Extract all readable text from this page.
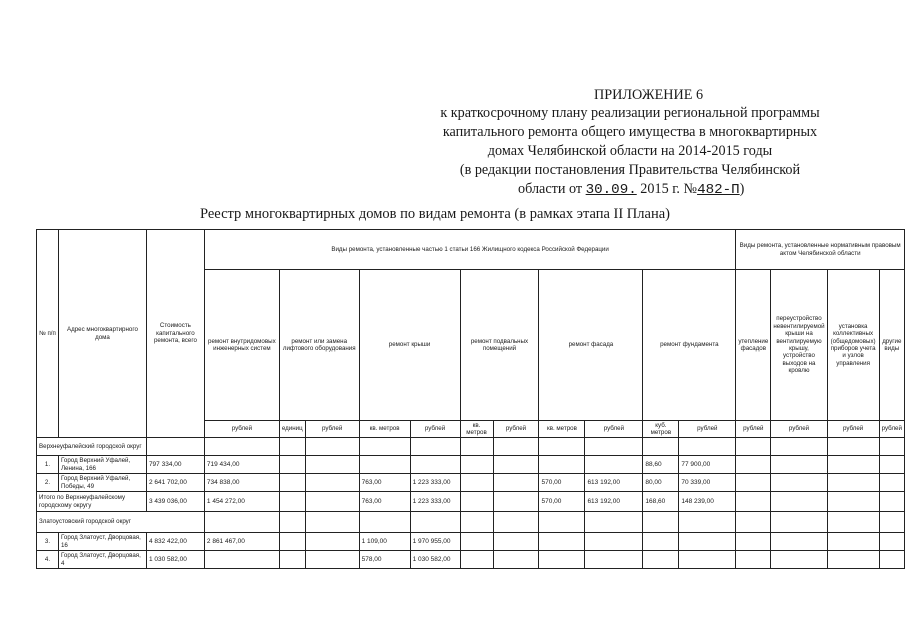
ПРИЛОЖЕНИЕ 6
к краткосрочному плану реализации региональной программы
капитального ремонта общего имущества в многоквартирных
домах Челябинской области на 2014-2015 годы
(в редакции постановления Правительства Челябинской
области от 30.09. 2015 г. №482-П)
Реестр многоквартирных домов по видам ремонта (в рамках этапа II Плана)
№ п/п	Адрес многоквартирного дома	Стоимость капитального ремонта, всего	Виды ремонта, установленные частью 1 статьи 166 Жилищного кодекса Российской Федерации											Виды ремонта, установленные нормативным правовым актом Челябинской области			
			ремонт внутридомовых инженерных систем	ремонт или замена лифтового оборудования		ремонт крыши		ремонт подвальных помещений		ремонт фасада		ремонт фундамента		утепление фасадов	переустройство невентилируемой крыши на вентилируемую крышу, устройство выходов на кровлю	установка коллективных (общедомовых) приборов учета и узлов управления	другие виды
			рублей	единиц	рублей	кв. метров	рублей	кв. метров	рублей	кв. метров	рублей	куб. метров	рублей	рублей	рублей	рублей	рублей
Верхнеуфалейский городской округ																	
1.	Город Верхний Уфалей, Ленина, 166	797 334,00	719 434,00									88,60	77 900,00				
2.	Город Верхний Уфалей, Победы, 49	2 641 702,00	734 838,00			763,00	1 223 333,00			570,00	613 192,00	80,00	70 339,00				
Итого по Верхнеуфалейскому городскому округу		3 439 036,00	1 454 272,00			763,00	1 223 333,00			570,00	613 192,00	168,60	148 239,00				
Златоустовский городской округ																	
3.	Город Златоуст, Дворцовая, 16	4 832 422,00	2 861 467,00			1 109,00	1 970 955,00										
4.	Город Златоуст, Дворцовая, 4	1 030 582,00				578,00	1 030 582,00										
